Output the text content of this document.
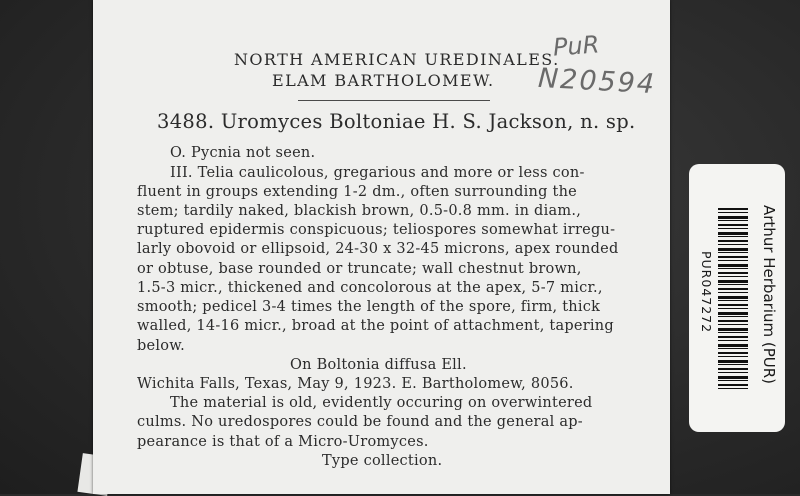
NORTH AMERICAN UREDINALES.
ELAM BARTHOLOMEW.
PuR
N20594
3488. Uromyces Boltoniae H. S. Jackson, n. sp.
O. Pycnia not seen.
III. Telia caulicolous, gregarious and more or less con-
fluent in groups extending 1-2 dm., often surrounding the
stem; tardily naked, blackish brown, 0.5-0.8 mm. in diam.,
ruptured epidermis conspicuous; teliospores somewhat irregu-
larly obovoid or ellipsoid, 24-30 x 32-45 microns, apex rounded
or obtuse, base rounded or truncate; wall chestnut brown,
1.5-3 micr., thickened and concolorous at the apex, 5-7 micr.,
smooth; pedicel 3-4 times the length of the spore, firm, thick
walled, 14-16 micr., broad at the point of attachment, tapering
below.
On Boltonia diffusa Ell.
Wichita Falls, Texas, May 9, 1923. E. Bartholomew, 8056.
The material is old, evidently occuring on overwintered
culms. No uredospores could be found and the general ap-
pearance is that of a Micro-Uromyces.
Type collection.
Arthur Herbarium (PUR)
PUR047272
